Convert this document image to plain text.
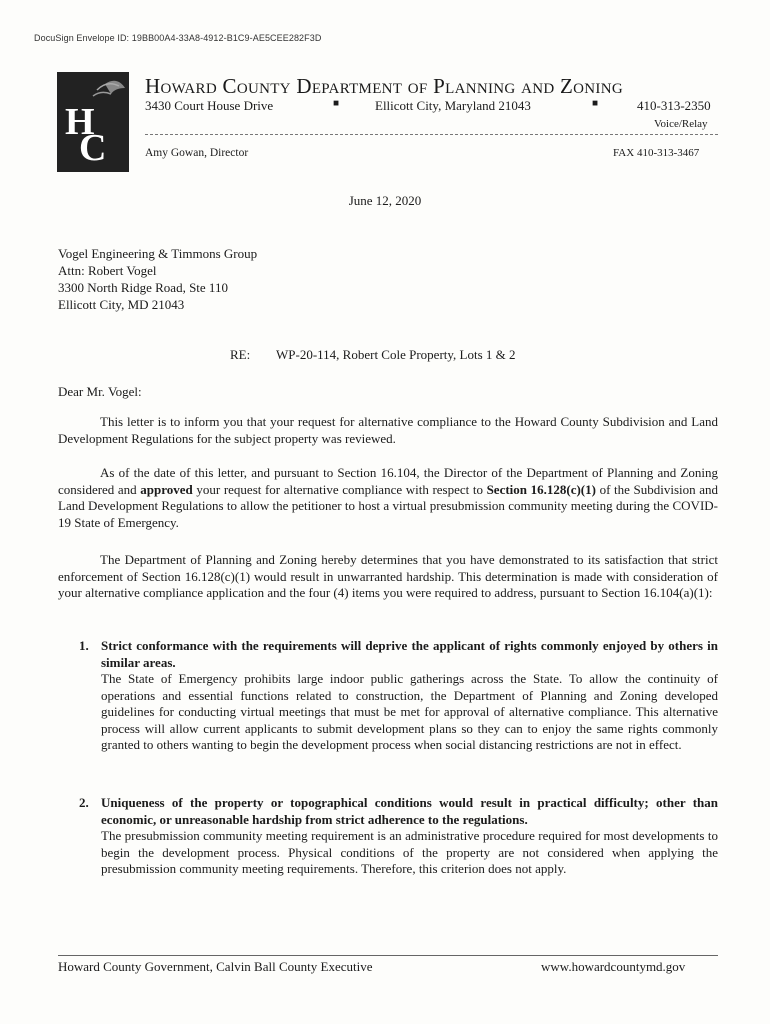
DocuSign Envelope ID: 19BB00A4-33A8-4912-B1C9-AE5CEE282F3D
H
C
Howard County Department of Planning and Zoning
3430 Court House Drive	■	Ellicott City, Maryland 21043	■	410-313-2350
Voice/Relay
Amy Gowan, Director	FAX 410-313-3467
June 12, 2020
Vogel Engineering & Timmons Group
Attn: Robert Vogel
3300 North Ridge Road, Ste 110
Ellicott City, MD 21043
RE: WP-20-114, Robert Cole Property, Lots 1 & 2
Dear Mr. Vogel:
This letter is to inform you that your request for alternative compliance to the Howard County Subdivision and Land Development Regulations for the subject property was reviewed.
As of the date of this letter, and pursuant to Section 16.104, the Director of the Department of Planning and Zoning considered and approved your request for alternative compliance with respect to Section 16.128(c)(1) of the Subdivision and Land Development Regulations to allow the petitioner to host a virtual presubmission community meeting during the COVID-19 State of Emergency.
The Department of Planning and Zoning hereby determines that you have demonstrated to its satisfaction that strict enforcement of Section 16.128(c)(1) would result in unwarranted hardship. This determination is made with consideration of your alternative compliance application and the four (4) items you were required to address, pursuant to Section 16.104(a)(1):
1. Strict conformance with the requirements will deprive the applicant of rights commonly enjoyed by others in similar areas.
The State of Emergency prohibits large indoor public gatherings across the State. To allow the continuity of operations and essential functions related to construction, the Department of Planning and Zoning developed guidelines for conducting virtual meetings that must be met for approval of alternative compliance. This alternative process will allow current applicants to submit development plans so they can to enjoy the same rights commonly granted to others wanting to begin the development process when social distancing restrictions are not in effect.
2. Uniqueness of the property or topographical conditions would result in practical difficulty; other than economic, or unreasonable hardship from strict adherence to the regulations.
The presubmission community meeting requirement is an administrative procedure required for most developments to begin the development process. Physical conditions of the property are not considered when applying the presubmission community meeting requirements. Therefore, this criterion does not apply.
Howard County Government, Calvin Ball County Executive	www.howardcountymd.gov
